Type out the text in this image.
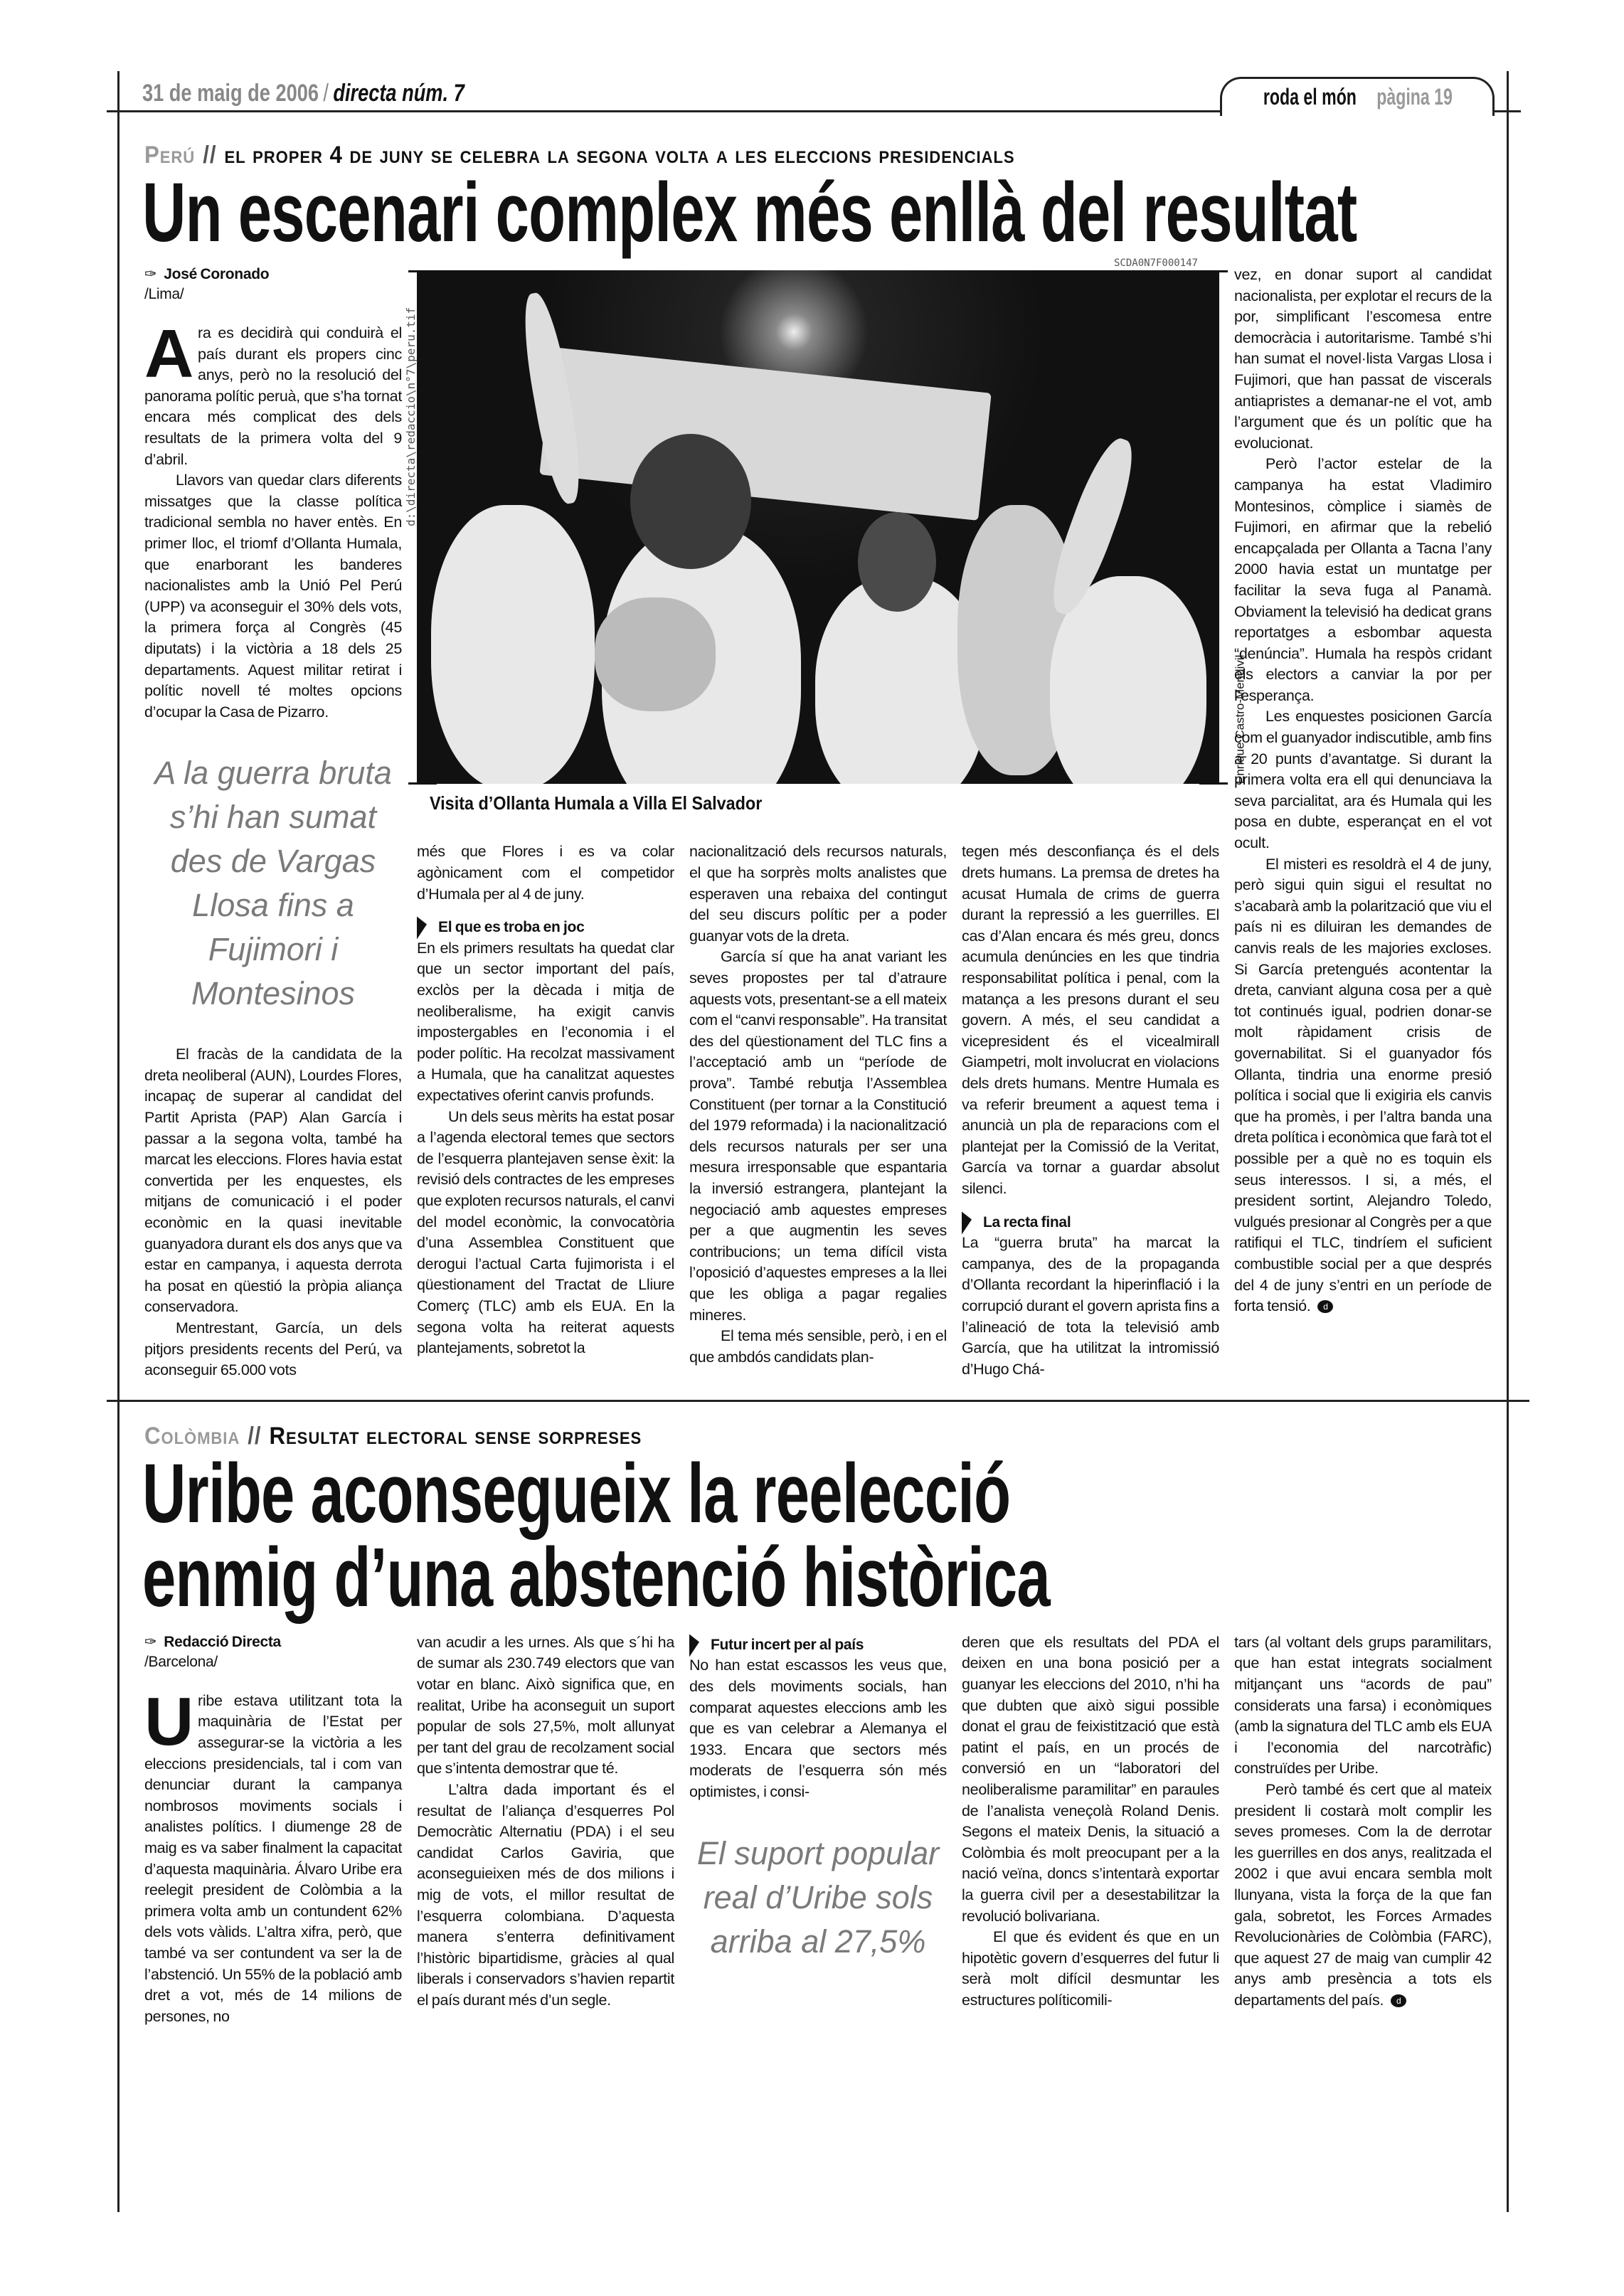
31 de maig de 2006 / directa núm. 7	roda el món pàgina 19
Perú // el proper 4 de juny se celebra la segona volta a les eleccions presidencials
Un escenari complex més enllà del resultat
✑ José Coronado
/Lima/

Ara es decidirà qui conduirà el país durant els propers cinc anys, però no la resolució del panorama polític peruà, que s’ha tornat encara més complicat des dels resultats de la primera volta del 9 d’abril.

Llavors van quedar clars diferents missatges que la classe política tradicional sembla no haver entès. En primer lloc, el triomf d’Ollanta Humala, que enarborant les banderes nacionalistes amb la Unió Pel Perú (UPP) va aconseguir el 30% dels vots, la primera força al Congrès (45 diputats) i la victòria a 18 dels 25 departaments. Aquest militar retirat i polític novell té moltes opcions d’ocupar la Casa de Pizarro.

A la guerra bruta s’hi han sumat des de Vargas Llosa fins a Fujimori i Montesinos

El fracàs de la candidata de la dreta neoliberal (AUN), Lourdes Flores, incapaç de superar al candidat del Partit Aprista (PAP) Alan García i passar a la segona volta, també ha marcat les eleccions. Flores havia estat convertida per les enquestes, els mitjans de comunicació i el poder econòmic en la quasi inevitable guanyadora durant els dos anys que va estar en campanya, i aquesta derrota ha posat en qüestió la pròpia aliança conservadora.

Mentrestant, García, un dels pitjors presidents recents del Perú, va aconseguir 65.000 vots

SCDA0N7F000147
d:\directa\redaccio\n°7\peru.tif
Enrique Castro-Mendivil
Visita d’Ollanta Humala a Villa El Salvador

més que Flores i es va colar agònicament com el competidor d’Humala per al 4 de juny.

El que es troba en joc

En els primers resultats ha quedat clar que un sector important del país, exclòs per la dècada i mitja de neoliberalisme, ha exigit canvis impostergables en l’economia i el poder polític. Ha recolzat massivament a Humala, que ha canalitzat aquestes expectatives oferint canvis profunds.

Un dels seus mèrits ha estat posar a l’agenda electoral temes que sectors de l’esquerra plantejaven sense èxit: la revisió dels contractes de les empreses que exploten recursos naturals, el canvi del model econòmic, la convocatòria d’una Assemblea Constituent que derogui l’actual Carta fujimorista i el qüestionament del Tractat de Lliure Comerç (TLC) amb els EUA. En la segona volta ha reiterat aquests plantejaments, sobretot la

nacionalització dels recursos naturals, el que ha sorprès molts analistes que esperaven una rebaixa del contingut del seu discurs polític per a poder guanyar vots de la dreta.

García sí que ha anat variant les seves propostes per tal d’atraure aquests vots, presentant-se a ell mateix com el “canvi responsable”. Ha transitat des del qüestionament del TLC fins a l’acceptació amb un “període de prova”. També rebutja l’Assemblea Constituent (per tornar a la Constitució del 1979 reformada) i la nacionalització dels recursos naturals per ser una mesura irresponsable que espantaria la inversió estrangera, plantejant la negociació amb aquestes empreses per a que augmentin les seves contribucions; un tema difícil vista l’oposició d’aquestes empreses a la llei que les obliga a pagar regalies mineres.

El tema més sensible, però, i en el que ambdós candidats plan-

tegen més desconfiança és el dels drets humans. La premsa de dretes ha acusat Humala de crims de guerra durant la repressió a les guerrilles. El cas d’Alan encara és més greu, doncs acumula denúncies en les que tindria responsabilitat política i penal, com la matança a les presons durant el seu govern. A més, el seu candidat a vicepresident és el vicealmirall Giampetri, molt involucrat en violacions dels drets humans. Mentre Humala es va referir breument a aquest tema i anuncià un pla de reparacions com el plantejat per la Comissió de la Veritat, García va tornar a guardar absolut silenci.

La recta final

La “guerra bruta” ha marcat la campanya, des de la propaganda d’Ollanta recordant la hiperinflació i la corrupció durant el govern aprista fins a l’alineació de tota la televisió amb García, que ha utilitzat la intromissió d’Hugo Chá-

vez, en donar suport al candidat nacionalista, per explotar el recurs de la por, simplificant l’escomesa entre democràcia i autoritarisme. També s’hi han sumat el novel·lista Vargas Llosa i Fujimori, que han passat de viscerals antiapristes a demanar-ne el vot, amb l’argument que és un polític que ha evolucionat.

Però l’actor estelar de la campanya ha estat Vladimiro Montesinos, còmplice i siamès de Fujimori, en afirmar que la rebelió encapçalada per Ollanta a Tacna l’any 2000 havia estat un muntatge per facilitar la seva fuga al Panamà. Obviament la televisió ha dedicat grans reportatges a esbombar aquesta “denúncia”. Humala ha respòs cridant els electors a canviar la por per l’esperança.

Les enquestes posicionen García com el guanyador indiscutible, amb fins a 20 punts d’avantatge. Si durant la primera volta era ell qui denunciava la seva parcialitat, ara és Humala qui les posa en dubte, esperançat en el vot ocult.

El misteri es resoldrà el 4 de juny, però sigui quin sigui el resultat no s’acabarà amb la polarització que viu el país ni es diluiran les demandes de canvis reals de les majories excloses. Si García pretengués acontentar la dreta, canviant alguna cosa per a què tot continués igual, podrien donar-se molt ràpidament crisis de governabilitat. Si el guanyador fós Ollanta, tindria una enorme presió política i social que li exigiria els canvis que ha promès, i per l’altra banda una dreta política i econòmica que farà tot el possible per a què no es toquin els seus interessos. I si, a més, el president sortint, Alejandro Toledo, vulgués presionar al Congrès per a que ratifiqui el TLC, tindríem el suficient combustible social per a que després del 4 de juny s’entri en un període de forta tensió. d

Colòmbia // Resultat electoral sense sorpreses
Uribe aconsegueix la reelecció
enmig d’una abstenció històrica
✑ Redacció Directa
/Barcelona/

Uribe estava utilitzant tota la maquinària de l’Estat per assegurar-se la victòria a les eleccions presidencials, tal i com van denunciar durant la campanya nombrosos moviments socials i analistes polítics. I diumenge 28 de maig es va saber finalment la capacitat d’aquesta maquinària. Álvaro Uribe era reelegit president de Colòmbia a la primera volta amb un contundent 62% dels vots vàlids. L’altra xifra, però, que també va ser contundent va ser la de l’abstenció. Un 55% de la població amb dret a vot, més de 14 milions de persones, no

van acudir a les urnes. Als que s´hi ha de sumar als 230.749 electors que van votar en blanc. Això significa que, en realitat, Uribe ha aconseguit un suport popular de sols 27,5%, molt allunyat per tant del grau de recolzament social que s’intenta demostrar que té.

L’altra dada important és el resultat de l’aliança d’esquerres Pol Democràtic Alternatiu (PDA) i el seu candidat Carlos Gaviria, que aconseguieixen més de dos milions i mig de vots, el millor resultat de l’esquerra colombiana. D’aquesta manera s’enterra definitivament l’històric bipartidisme, gràcies al qual liberals i conservadors s’havien repartit el país durant més d’un segle.

Futur incert per al país

No han estat escassos les veus que, des dels moviments socials, han comparat aquestes eleccions amb les que es van celebrar a Alemanya el 1933. Encara que sectors més moderats de l’esquerra són més optimistes, i consi-

El suport popular real d’Uribe sols arriba al 27,5%

deren que els resultats del PDA el deixen en una bona posició per a guanyar les eleccions del 2010, n’hi ha que dubten que això sigui possible donat el grau de feixistització que està patint el país, en un procés de conversió en un “laboratori del neoliberalisme paramilitar” en paraules de l’analista veneçolà Roland Denis. Segons el mateix Denis, la situació a Colòmbia és molt preocupant per a la nació veïna, doncs s’intentarà exportar la guerra civil per a desestabilitzar la revolució bolivariana.

El que és evident és que en un hipotètic govern d’esquerres del futur li serà molt difícil desmuntar les estructures políticomili-

tars (al voltant dels grups paramilitars, que han estat integrats socialment mitjançant uns “acords de pau” considerats una farsa) i econòmiques (amb la signatura del TLC amb els EUA i l’economia del narcotràfic) construïdes per Uribe.

Però també és cert que al mateix president li costarà molt complir les seves promeses. Com la de derrotar les guerrilles en dos anys, realitzada el 2002 i que avui encara sembla molt llunyana, vista la força de la que fan gala, sobretot, les Forces Armades Revolucionàries de Colòmbia (FARC), que aquest 27 de maig van cumplir 42 anys amb presència a tots els departaments del país. d
